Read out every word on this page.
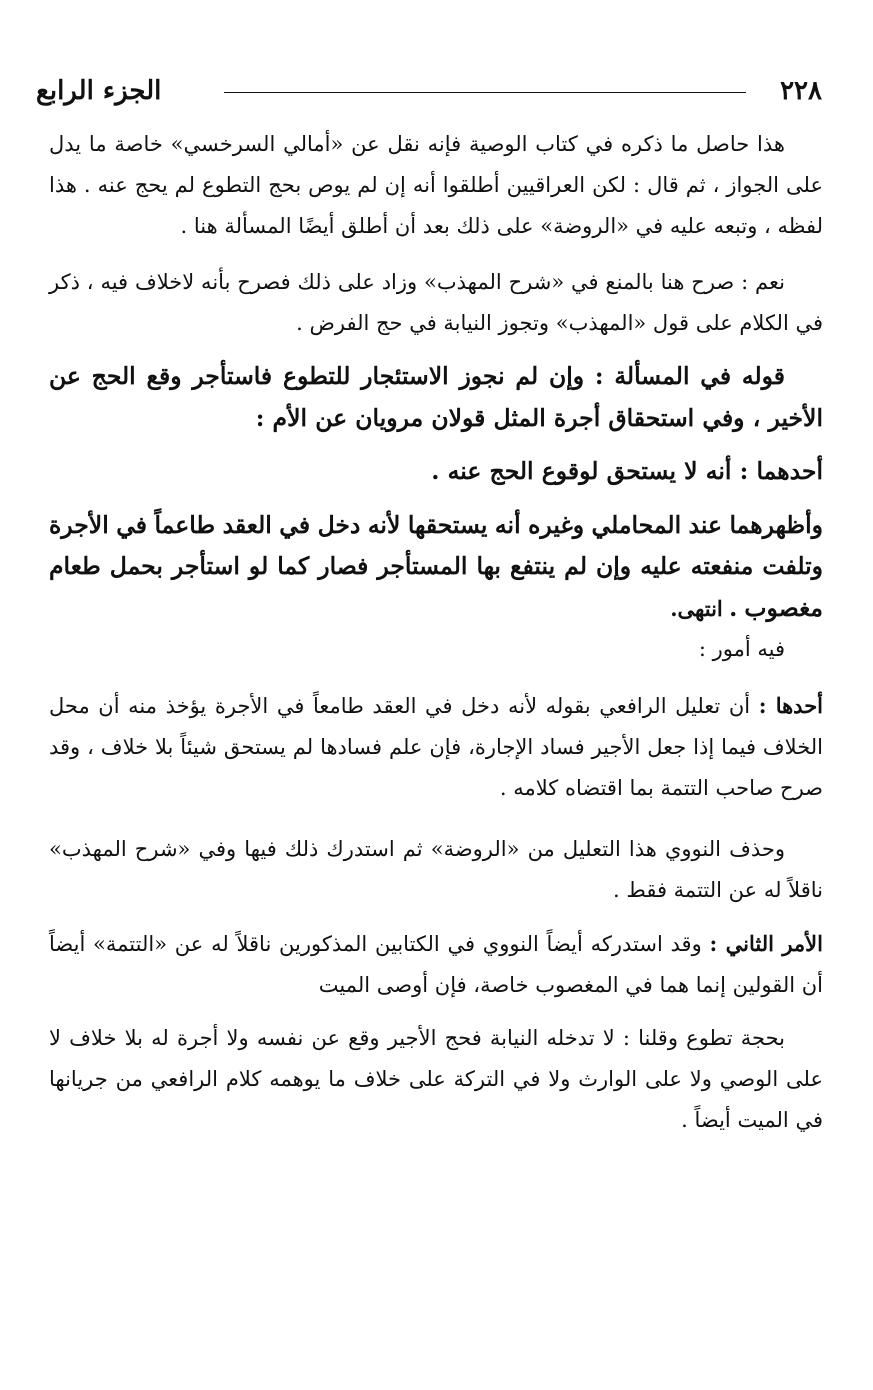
٢٢٨
الجزء الرابع

هذا حاصل ما ذكره في كتاب الوصية فإنه نقل عن «أمالي السرخسي» خاصة ما يدل على الجواز ، ثم قال : لكن العراقيين أطلقوا أنه إن لم يوص بحج التطوع لم يحج عنه . هذا لفظه ، وتبعه عليه في «الروضة» على ذلك بعد أن أطلق أيضًا المسألة هنا .

نعم : صرح هنا بالمنع في «شرح المهذب» وزاد على ذلك فصرح بأنه لاخلاف فيه ، ذكر في الكلام على قول «المهذب» وتجوز النيابة في حج الفرض .

قوله في المسألة : وإن لم نجوز الاستئجار للتطوع فاستأجر وقع الحج عن الأخير ، وفي استحقاق أجرة المثل قولان مرويان عن الأم :

أحدهما : أنه لا يستحق لوقوع الحج عنه .

وأظهرهما عند المحاملي وغيره أنه يستحقها لأنه دخل في العقد طاعماً في الأجرة وتلفت منفعته عليه وإن لم ينتفع بها المستأجر فصار كما لو استأجر بحمل طعام مغصوب . انتهى.

فيه أمور :

أحدها : أن تعليل الرافعي بقوله لأنه دخل في العقد طامعاً في الأجرة يؤخذ منه أن محل الخلاف فيما إذا جعل الأجير فساد الإجارة، فإن علم فسادها لم يستحق شيئاً بلا خلاف ، وقد صرح صاحب التتمة بما اقتضاه كلامه .

وحذف النووي هذا التعليل من «الروضة» ثم استدرك ذلك فيها وفي «شرح المهذب» ناقلاً له عن التتمة فقط .

الأمر الثاني : وقد استدركه أيضاً النووي في الكتابين المذكورين ناقلاً له عن «التتمة» أيضاً أن القولين إنما هما في المغصوب خاصة، فإن أوصى الميت

بحجة تطوع وقلنا : لا تدخله النيابة فحج الأجير وقع عن نفسه ولا أجرة له بلا خلاف لا على الوصي ولا على الوارث ولا في التركة على خلاف ما يوهمه كلام الرافعي من جريانها في الميت أيضاً .
